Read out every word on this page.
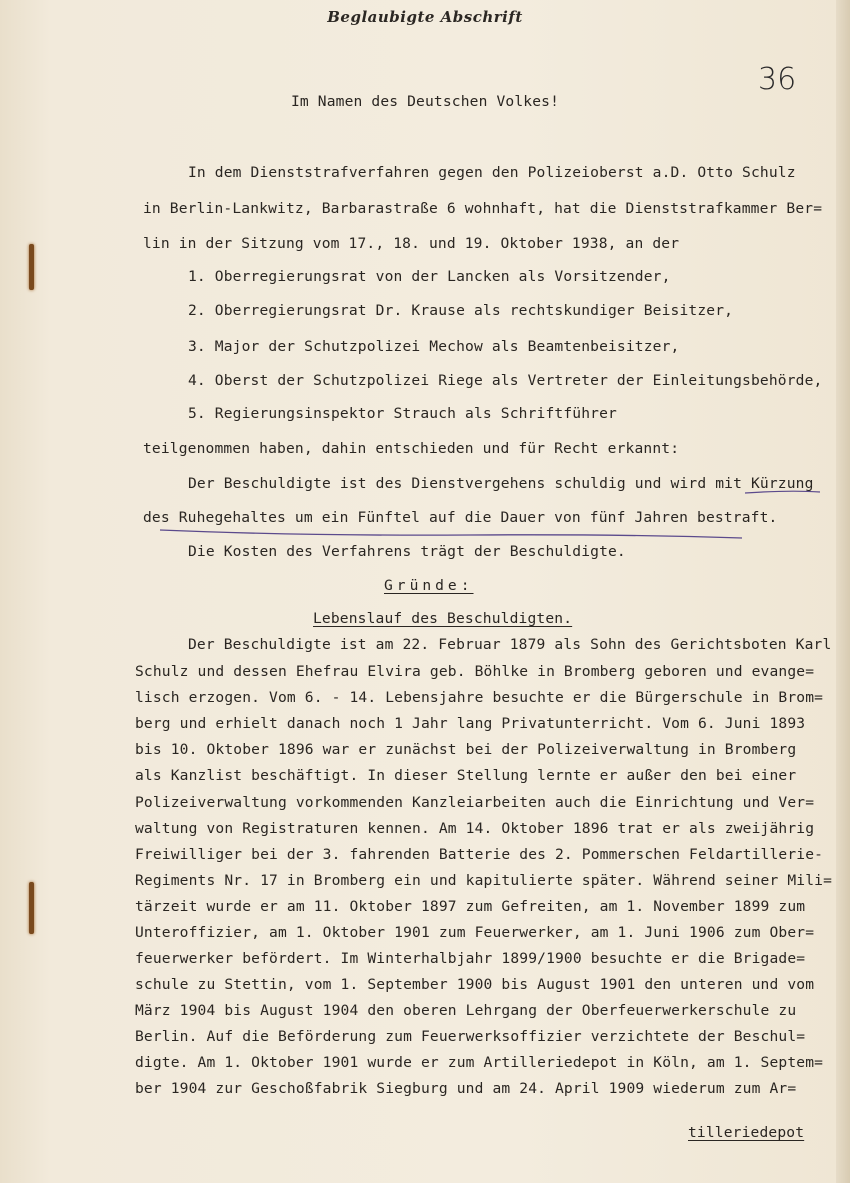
Beglaubigte Abschrift
36
Im Namen des Deutschen Volkes!
In dem Dienststrafverfahren gegen den Polizeioberst a.D. Otto Schulz
in Berlin-Lankwitz, Barbarastraße 6 wohnhaft, hat die Dienststrafkammer Ber=
lin in der Sitzung vom 17., 18. und 19. Oktober 1938, an der
1. Oberregierungsrat von der Lancken als Vorsitzender,
2. Oberregierungsrat Dr. Krause als rechtskundiger Beisitzer,
3. Major der Schutzpolizei Mechow als Beamtenbeisitzer,
4. Oberst der Schutzpolizei Riege als Vertreter der Einleitungsbehörde,
5. Regierungsinspektor Strauch als Schriftführer
teilgenommen haben, dahin entschieden und für Recht erkannt:
Der Beschuldigte ist des Dienstvergehens schuldig und wird mit Kürzung
des Ruhegehaltes um ein Fünftel auf die Dauer von fünf Jahren bestraft.
Die Kosten des Verfahrens trägt der Beschuldigte.
Gründe:
Lebenslauf des Beschuldigten.
Der Beschuldigte ist am 22. Februar 1879 als Sohn des Gerichtsboten Karl
Schulz und dessen Ehefrau Elvira geb. Böhlke in Bromberg geboren und evange=
lisch erzogen. Vom 6. - 14. Lebensjahre besuchte er die Bürgerschule in Brom=
berg und erhielt danach noch 1 Jahr lang Privatunterricht. Vom 6. Juni 1893
bis 10. Oktober 1896 war er zunächst bei der Polizeiverwaltung in Bromberg
als Kanzlist beschäftigt. In dieser Stellung lernte er außer den bei einer
Polizeiverwaltung vorkommenden Kanzleiarbeiten auch die Einrichtung und Ver=
waltung von Registraturen kennen. Am 14. Oktober 1896 trat er als zweijährig
Freiwilliger bei der 3. fahrenden Batterie des 2. Pommerschen Feldartillerie-
Regiments Nr. 17 in Bromberg ein und kapitulierte später. Während seiner Mili=
tärzeit wurde er am 11. Oktober 1897 zum Gefreiten, am 1. November 1899 zum
Unteroffizier, am 1. Oktober 1901 zum Feuerwerker, am 1. Juni 1906 zum Ober=
feuerwerker befördert. Im Winterhalbjahr 1899/1900 besuchte er die Brigade=
schule zu Stettin, vom 1. September 1900 bis August 1901 den unteren und vom
März 1904 bis August 1904 den oberen Lehrgang der Oberfeuerwerkerschule zu
Berlin. Auf die Beförderung zum Feuerwerksoffizier verzichtete der Beschul=
digte. Am 1. Oktober 1901 wurde er zum Artilleriedepot in Köln, am 1. Septem=
ber 1904 zur Geschoßfabrik Siegburg und am 24. April 1909 wiederum zum Ar=
tilleriedepot
